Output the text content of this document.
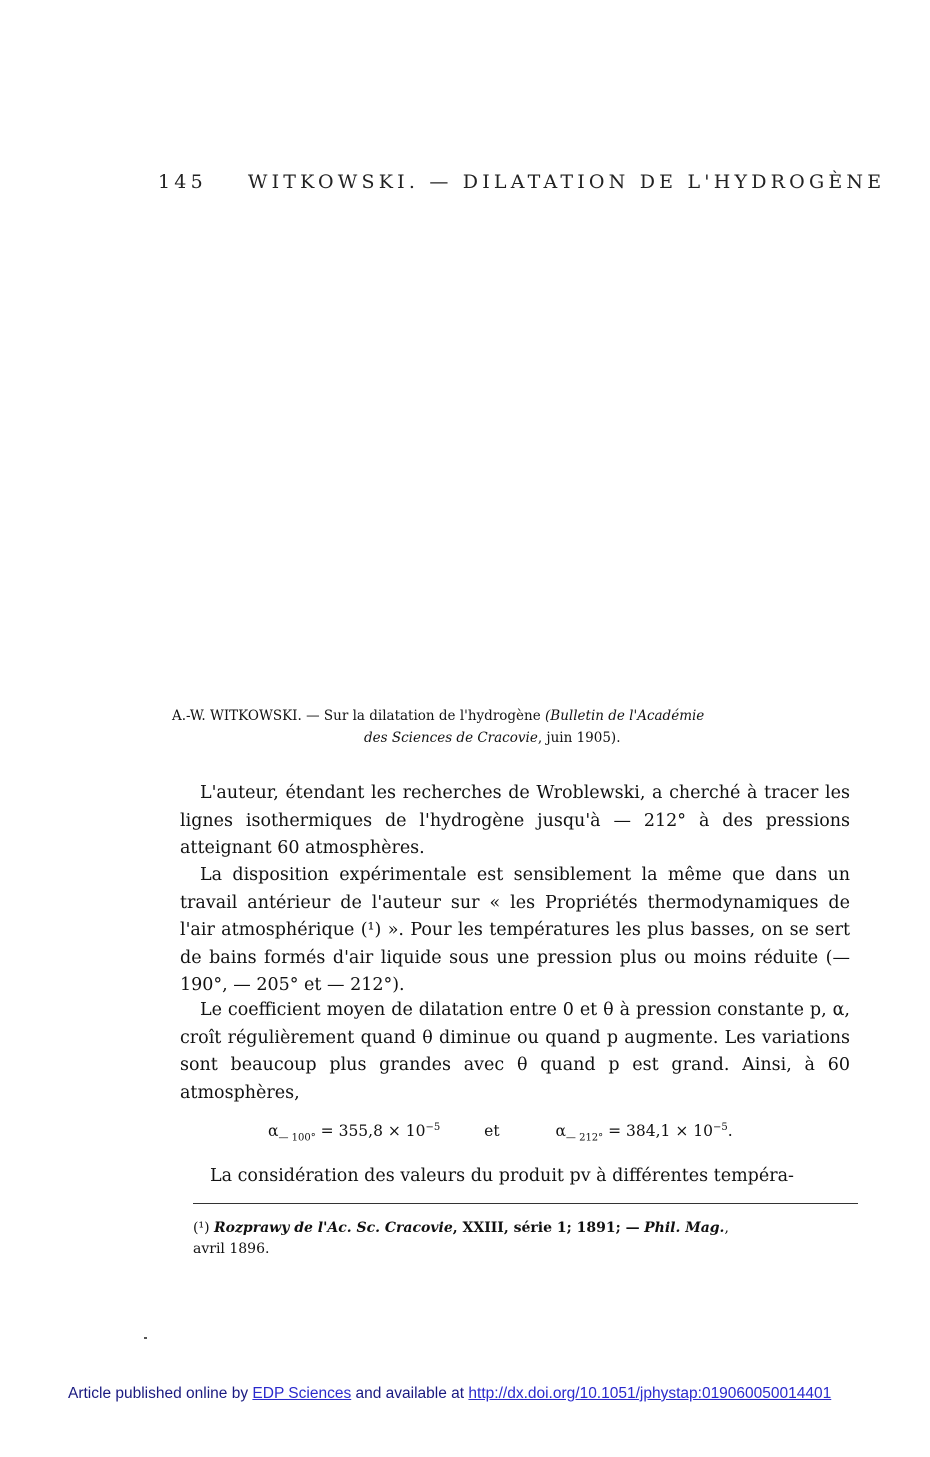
145 WITKOWSKI. — DILATATION DE L'HYDROGÈNE
A.-W. WITKOWSKI. — Sur la dilatation de l'hydrogène (Bulletin de l'Académie
des Sciences de Cracovie, juin 1905).
L'auteur, étendant les recherches de Wroblewski, a cherché à tracer les lignes isothermiques de l'hydrogène jusqu'à — 212° à des pressions atteignant 60 atmosphères.
La disposition expérimentale est sensiblement la même que dans un travail antérieur de l'auteur sur « les Propriétés thermodynamiques de l'air atmosphérique (¹) ». Pour les températures les plus basses, on se sert de bains formés d'air liquide sous une pression plus ou moins réduite (— 190°, — 205° et — 212°).
Le coefficient moyen de dilatation entre 0 et θ à pression constante p, α, croît régulièrement quand θ diminue ou quand p augmente. Les variations sont beaucoup plus grandes avec θ quand p est grand. Ainsi, à 60 atmosphères,
$\alpha_{— 100^\circ} = 355,8 \times 10^{-5}$	et	$\alpha_{— 212^\circ} = 384,1 \times 10^{-5}$.
La considération des valeurs du produit pv à différentes tempéra-
(¹) Rozprawy de l'Ac. Sc. Cracovie, XXIII, série 1; 1891; — Phil. Mag.,
avril 1896.
Article published online by EDP Sciences and available at http://dx.doi.org/10.1051/jphystap:019060050014401
